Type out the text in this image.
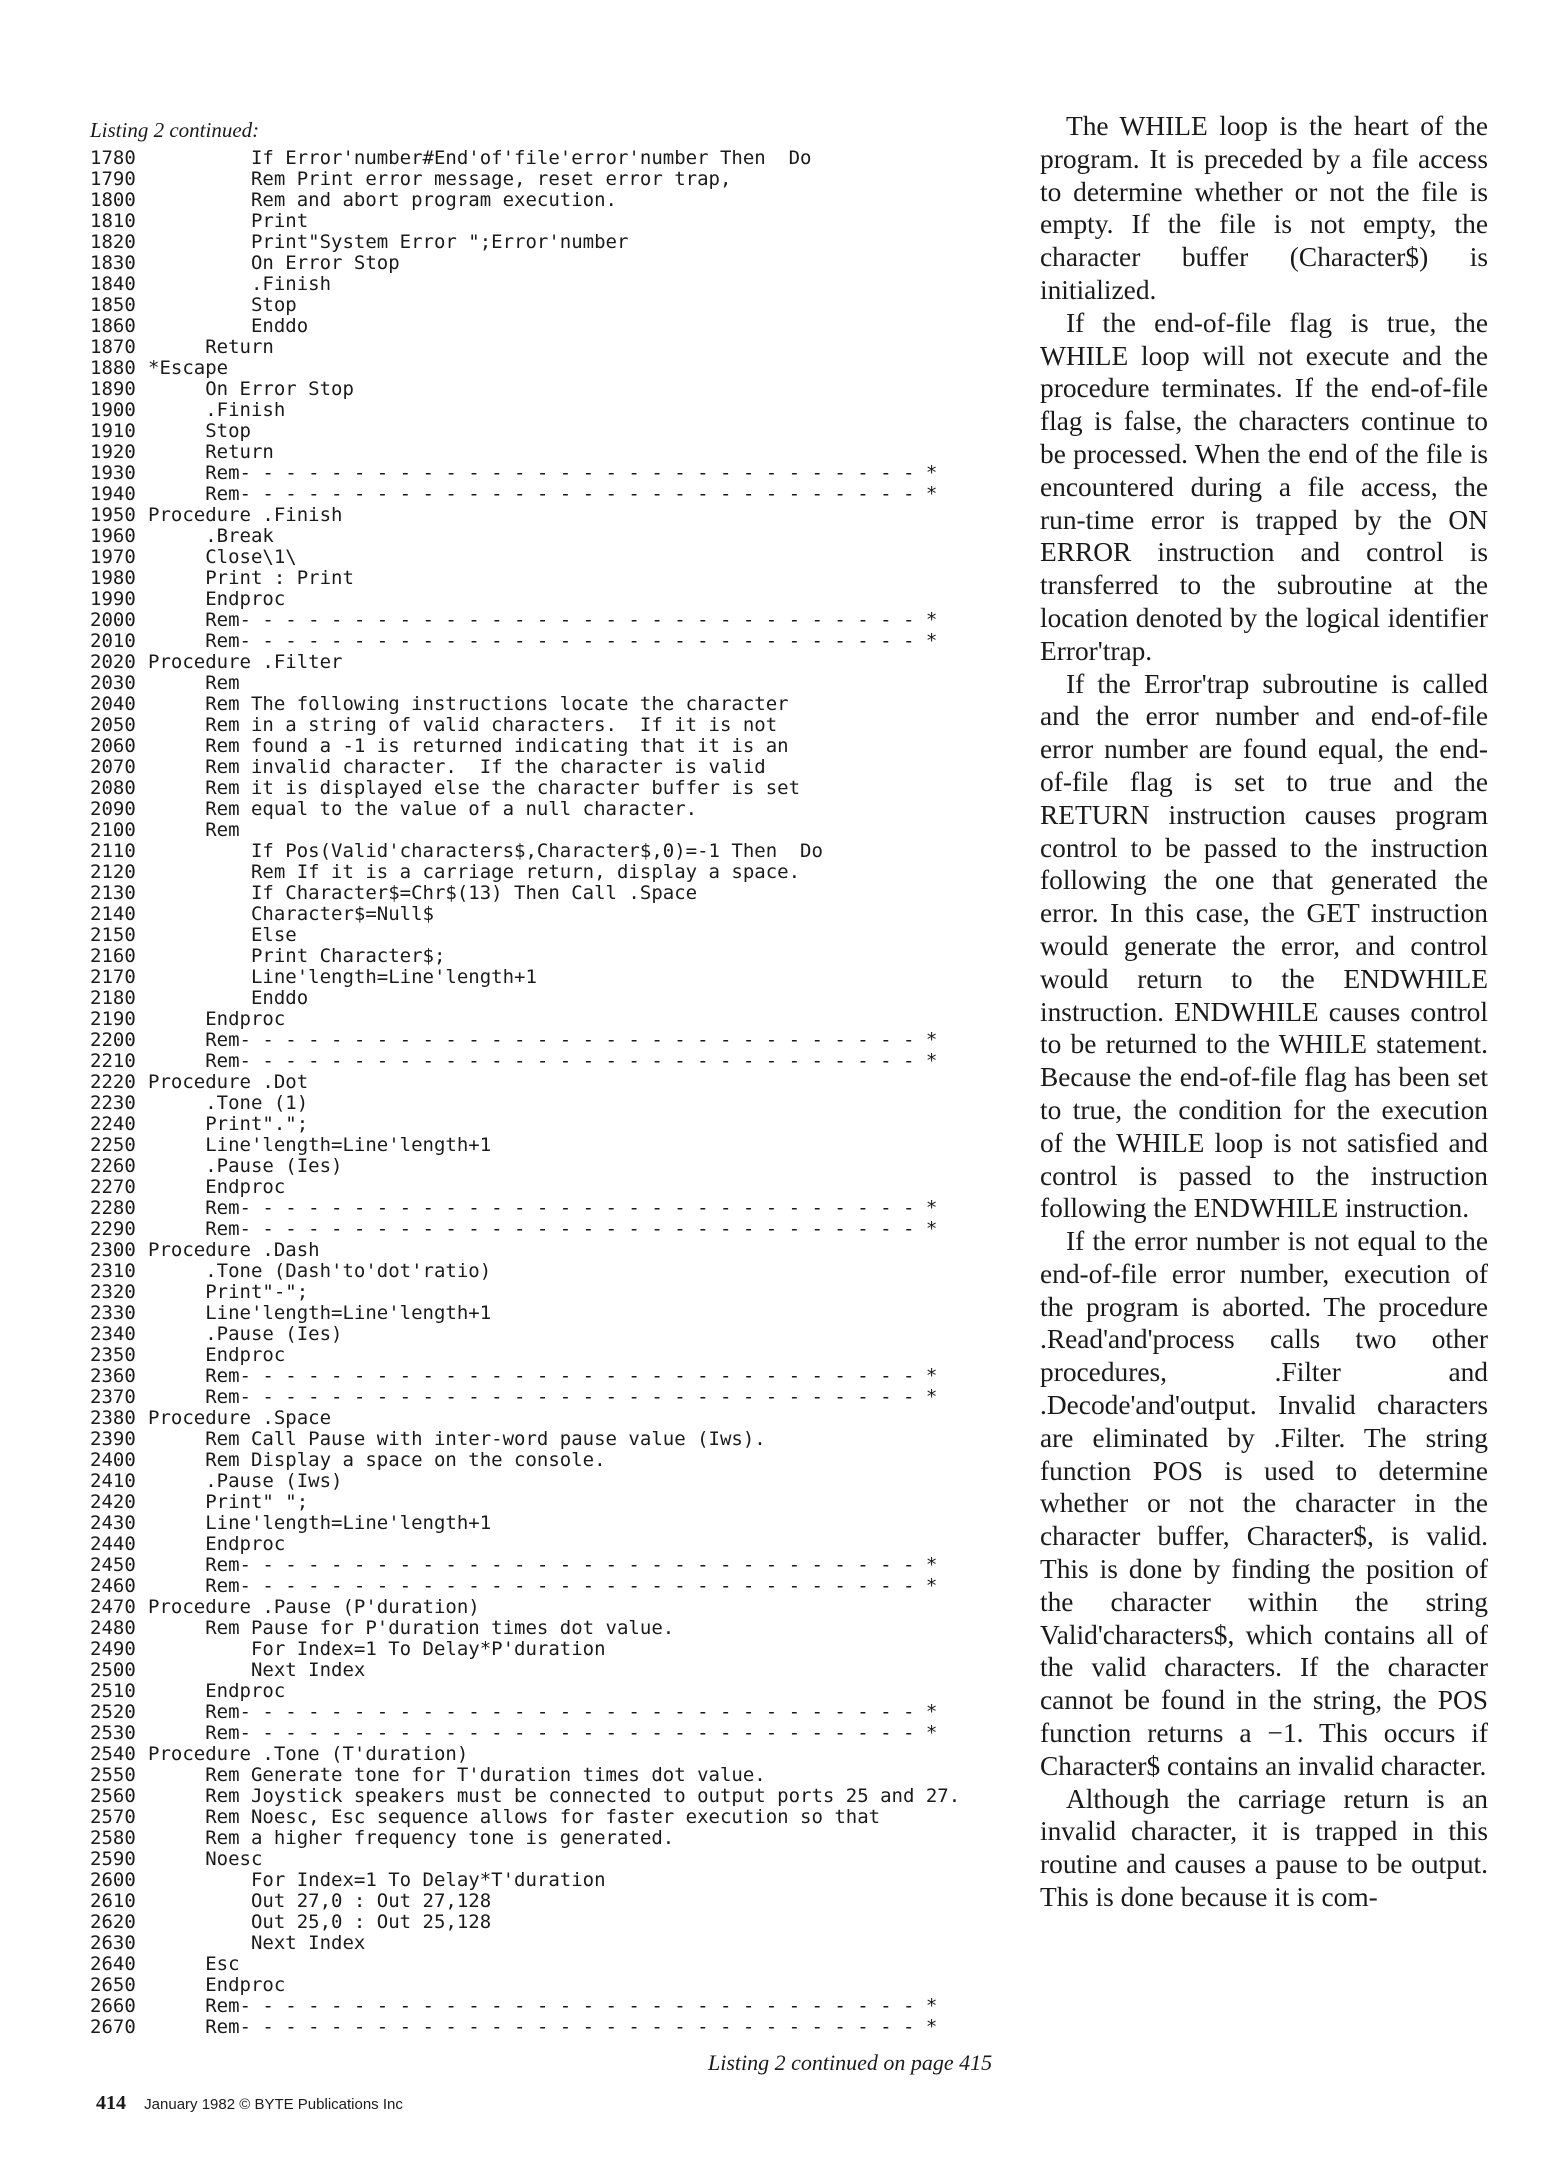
Listing 2 continued:
1780         If Error'number#End'of'file'error'number Then  Do
1790         Rem Print error message, reset error trap,
1800         Rem and abort program execution.
1810         Print
1820         Print"System Error ";Error'number
1830         On Error Stop
1840         .Finish
1850         Stop
1860         Enddo
1870     Return
1880 *Escape
1890     On Error Stop
1900     .Finish
1910     Stop
1920     Return
1930     Rem- - - - - - - - - - - - - - - - - - - - - - - - - - - - - - *
1940     Rem- - - - - - - - - - - - - - - - - - - - - - - - - - - - - - *
1950 Procedure .Finish
1960     .Break
1970     Close\1\
1980     Print : Print
1990     Endproc
2000     Rem- - - - - - - - - - - - - - - - - - - - - - - - - - - - - - *
2010     Rem- - - - - - - - - - - - - - - - - - - - - - - - - - - - - - *
2020 Procedure .Filter
2030     Rem
2040     Rem The following instructions locate the character
2050     Rem in a string of valid characters.  If it is not
2060     Rem found a -1 is returned indicating that it is an
2070     Rem invalid character.  If the character is valid
2080     Rem it is displayed else the character buffer is set
2090     Rem equal to the value of a null character.
2100     Rem
2110         If Pos(Valid'characters$,Character$,0)=-1 Then  Do
2120         Rem If it is a carriage return, display a space.
2130         If Character$=Chr$(13) Then Call .Space
2140         Character$=Null$
2150         Else
2160         Print Character$;
2170         Line'length=Line'length+1
2180         Enddo
2190     Endproc
2200     Rem- - - - - - - - - - - - - - - - - - - - - - - - - - - - - - *
2210     Rem- - - - - - - - - - - - - - - - - - - - - - - - - - - - - - *
2220 Procedure .Dot
2230     .Tone (1)
2240     Print".";
2250     Line'length=Line'length+1
2260     .Pause (Ies)
2270     Endproc
2280     Rem- - - - - - - - - - - - - - - - - - - - - - - - - - - - - - *
2290     Rem- - - - - - - - - - - - - - - - - - - - - - - - - - - - - - *
2300 Procedure .Dash
2310     .Tone (Dash'to'dot'ratio)
2320     Print"-";
2330     Line'length=Line'length+1
2340     .Pause (Ies)
2350     Endproc
2360     Rem- - - - - - - - - - - - - - - - - - - - - - - - - - - - - - *
2370     Rem- - - - - - - - - - - - - - - - - - - - - - - - - - - - - - *
2380 Procedure .Space
2390     Rem Call Pause with inter-word pause value (Iws).
2400     Rem Display a space on the console.
2410     .Pause (Iws)
2420     Print" ";
2430     Line'length=Line'length+1
2440     Endproc
2450     Rem- - - - - - - - - - - - - - - - - - - - - - - - - - - - - - *
2460     Rem- - - - - - - - - - - - - - - - - - - - - - - - - - - - - - *
2470 Procedure .Pause (P'duration)
2480     Rem Pause for P'duration times dot value.
2490         For Index=1 To Delay*P'duration
2500         Next Index
2510     Endproc
2520     Rem- - - - - - - - - - - - - - - - - - - - - - - - - - - - - - *
2530     Rem- - - - - - - - - - - - - - - - - - - - - - - - - - - - - - *
2540 Procedure .Tone (T'duration)
2550     Rem Generate tone for T'duration times dot value.
2560     Rem Joystick speakers must be connected to output ports 25 and 27.
2570     Rem Noesc, Esc sequence allows for faster execution so that
2580     Rem a higher frequency tone is generated.
2590     Noesc
2600         For Index=1 To Delay*T'duration
2610         Out 27,0 : Out 27,128
2620         Out 25,0 : Out 25,128
2630         Next Index
2640     Esc
2650     Endproc
2660     Rem- - - - - - - - - - - - - - - - - - - - - - - - - - - - - - *
2670     Rem- - - - - - - - - - - - - - - - - - - - - - - - - - - - - - *
Listing 2 continued on page 415
414 January 1982 © BYTE Publications Inc

The WHILE loop is the heart of the program. It is preceded by a file access to determine whether or not the file is empty. If the file is not empty, the character buffer (Character$) is initialized.

If the end-of-file flag is true, the WHILE loop will not execute and the procedure terminates. If the end-of-file flag is false, the characters continue to be processed. When the end of the file is encountered during a file access, the run-time error is trapped by the ON ERROR instruction and control is transferred to the subroutine at the location denoted by the logical identifier Error'trap.

If the Error'trap subroutine is called and the error number and end-of-file error number are found equal, the end-of-file flag is set to true and the RETURN instruction causes program control to be passed to the instruction following the one that generated the error. In this case, the GET instruction would generate the error, and control would return to the ENDWHILE instruction. ENDWHILE causes control to be returned to the WHILE statement. Because the end-of-file flag has been set to true, the condition for the execution of the WHILE loop is not satisfied and control is passed to the instruction following the ENDWHILE instruction.

If the error number is not equal to the end-of-file error number, execution of the program is aborted. The procedure .Read'and'process calls two other procedures, .Filter and .Decode'and'output. Invalid characters are eliminated by .Filter. The string function POS is used to determine whether or not the character in the character buffer, Character$, is valid. This is done by finding the position of the character within the string Valid'characters$, which contains all of the valid characters. If the character cannot be found in the string, the POS function returns a −1. This occurs if Character$ contains an invalid character.

Although the carriage return is an invalid character, it is trapped in this routine and causes a pause to be output. This is done because it is com-
